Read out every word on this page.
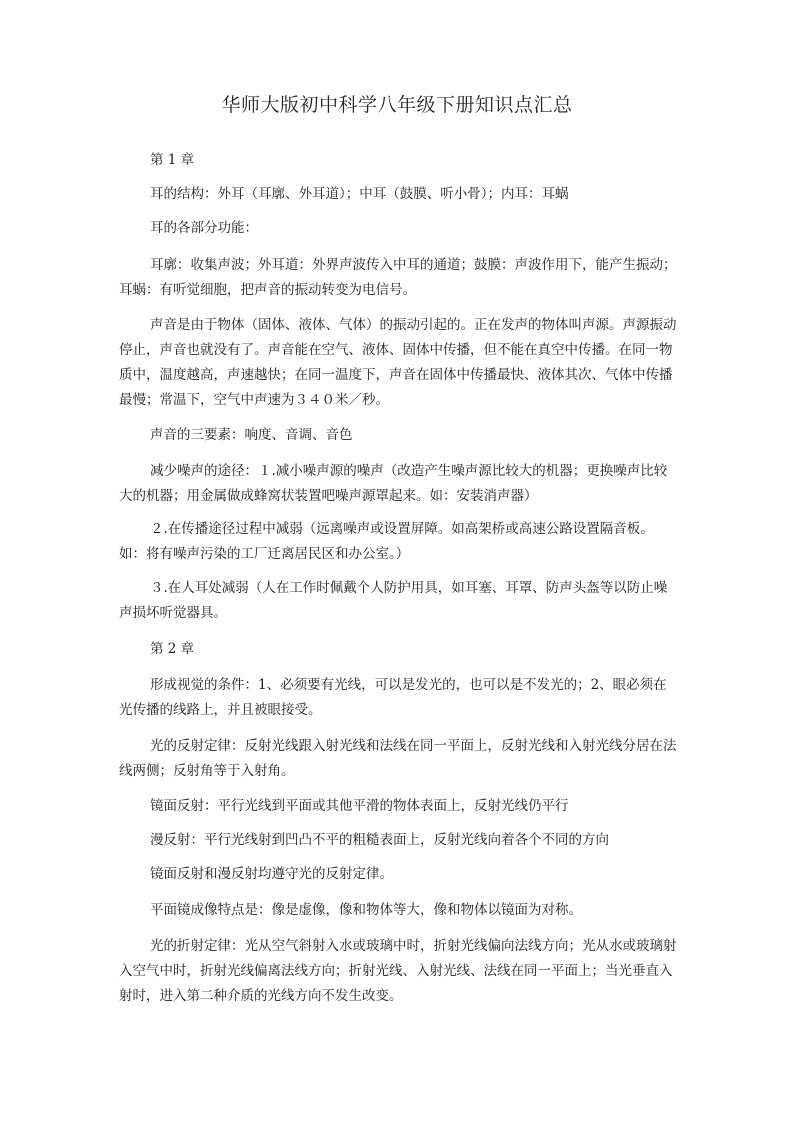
华师大版初中科学八年级下册知识点汇总

第 1 章

耳的结构：外耳（耳廓、外耳道）；中耳（鼓膜、听小骨）；内耳：耳蜗

耳的各部分功能：

耳廓：收集声波；外耳道：外界声波传入中耳的通道；鼓膜：声波作用下，能产生振动；耳蜗：有听觉细胞，把声音的振动转变为电信号。

声音是由于物体（固体、液体、气体）的振动引起的。正在发声的物体叫声源。声源振动停止，声音也就没有了。声音能在空气、液体、固体中传播，但不能在真空中传播。在同一物质中，温度越高，声速越快；在同一温度下，声音在固体中传播最快、液体其次、气体中传播最慢；常温下，空气中声速为３４０米／秒。

声音的三要素：响度、音调、音色

减少噪声的途径：１.减小噪声源的噪声（改造产生噪声源比较大的机器；更换噪声比较大的机器；用金属做成蜂窝状装置吧噪声源罩起来。如：安装消声器）

２.在传播途径过程中减弱（远离噪声或设置屏障。如高架桥或高速公路设置隔音板。如：将有噪声污染的工厂迁离居民区和办公室。）

３.在人耳处减弱（人在工作时佩戴个人防护用具，如耳塞、耳罩、防声头盔等以防止噪声损坏听觉器具。

第 2 章

形成视觉的条件：1、必须要有光线，可以是发光的，也可以是不发光的；2、眼必须在光传播的线路上，并且被眼接受。

光的反射定律：反射光线跟入射光线和法线在同一平面上，反射光线和入射光线分居在法线两侧；反射角等于入射角。

镜面反射：平行光线到平面或其他平滑的物体表面上，反射光线仍平行

漫反射：平行光线射到凹凸不平的粗糙表面上，反射光线向着各个不同的方向

镜面反射和漫反射均遵守光的反射定律。

平面镜成像特点是：像是虚像，像和物体等大，像和物体以镜面为对称。

光的折射定律：光从空气斜射入水或玻璃中时，折射光线偏向法线方向；光从水或玻璃射入空气中时，折射光线偏离法线方向；折射光线、入射光线、法线在同一平面上；当光垂直入射时，进入第二种介质的光线方向不发生改变。
